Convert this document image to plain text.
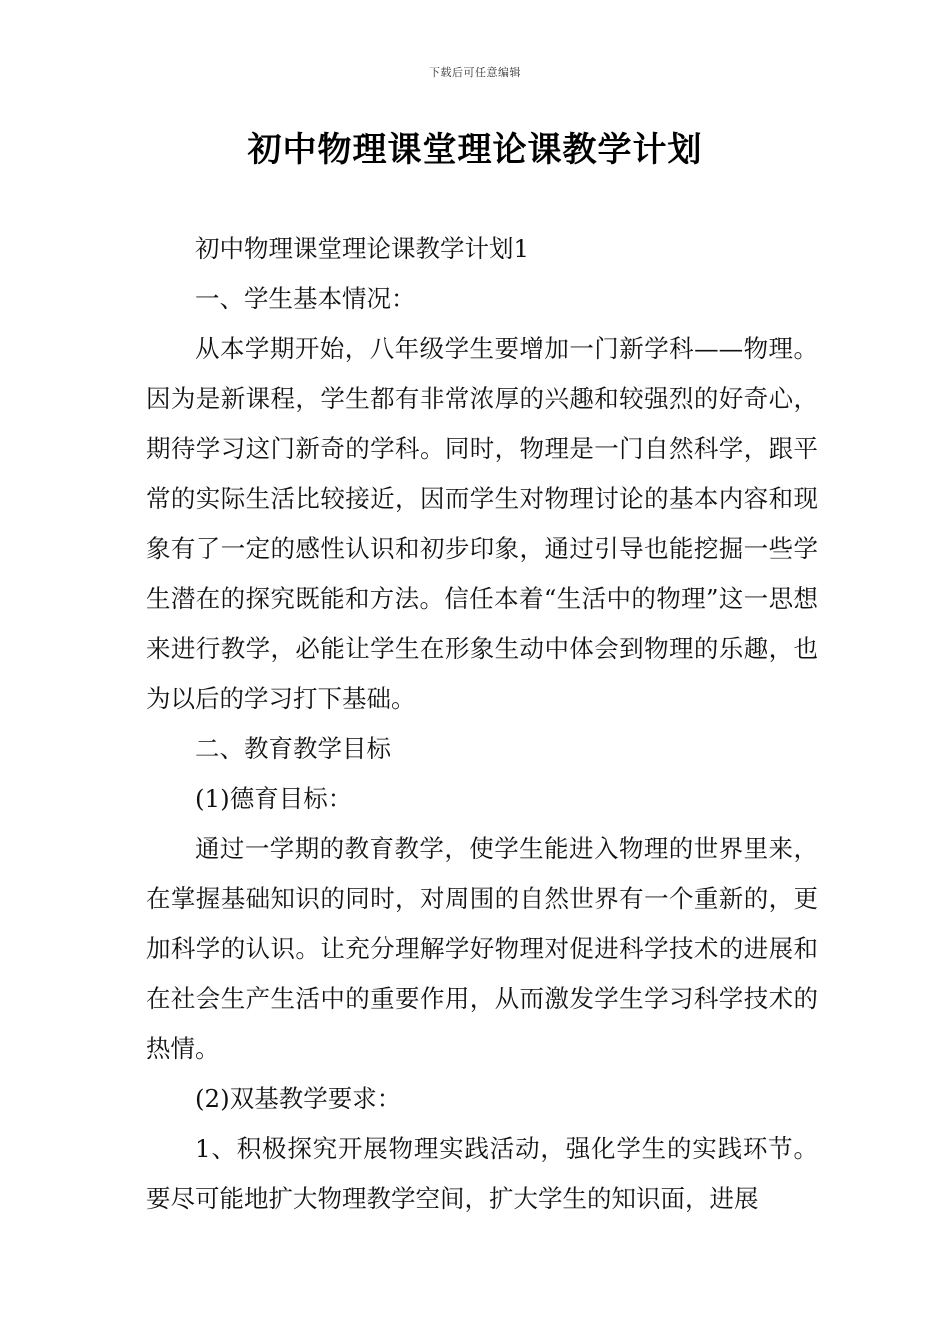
下载后可任意编辑
初中物理课堂理论课教学计划

初中物理课堂理论课教学计划1

一、学生基本情况：

从本学期开始，八年级学生要增加一门新学科——物理。因为是新课程，学生都有非常浓厚的兴趣和较强烈的好奇心，期待学习这门新奇的学科。同时，物理是一门自然科学，跟平常的实际生活比较接近，因而学生对物理讨论的基本内容和现象有了一定的感性认识和初步印象，通过引导也能挖掘一些学生潜在的探究既能和方法。信任本着“生活中的物理”这一思想来进行教学，必能让学生在形象生动中体会到物理的乐趣，也为以后的学习打下基础。

二、教育教学目标

(1)德育目标：

通过一学期的教育教学，使学生能进入物理的世界里来，在掌握基础知识的同时，对周围的自然世界有一个重新的，更加科学的认识。让充分理解学好物理对促进科学技术的进展和在社会生产生活中的重要作用，从而激发学生学习科学技术的热情。

(2)双基教学要求：

1、积极探究开展物理实践活动，强化学生的实践环节。要尽可能地扩大物理教学空间，扩大学生的知识面，进展
